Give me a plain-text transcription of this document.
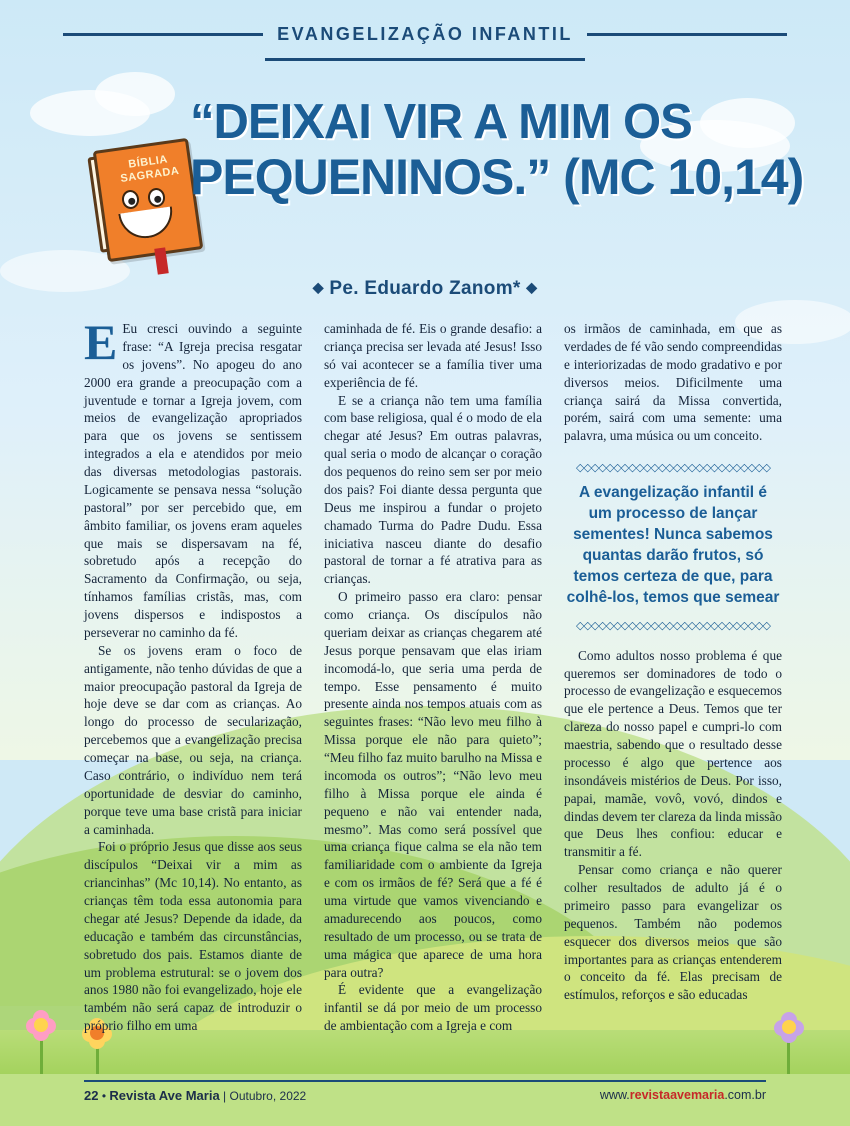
EVANGELIZAÇÃO INFANTIL
BÍBLIA SAGRADA
“DEIXAI VIR A MIM OS
PEQUENINOS.” (MC 10,14)
◆ Pe. Eduardo Zanom* ◆

E Eu cresci ouvindo a seguinte frase: “A Igreja precisa resgatar os jovens”. No apogeu do ano 2000 era grande a preocupação com a juventude e tornar a Igreja jovem, com meios de evangelização apropriados para que os jovens se sentissem integrados a ela e atendidos por meio das diversas metodologias pastorais. Logicamente se pensava nessa “solução pastoral” por ser percebido que, em âmbito familiar, os jovens eram aqueles que mais se dispersavam na fé, sobretudo após a recepção do Sacramento da Confirmação, ou seja, tínhamos famílias cristãs, mas, com jovens dispersos e indispostos a perseverar no caminho da fé.

Se os jovens eram o foco de antigamente, não tenho dúvidas de que a maior preocupação pastoral da Igreja de hoje deve se dar com as crianças. Ao longo do processo de secularização, percebemos que a evangelização precisa começar na base, ou seja, na criança. Caso contrário, o indivíduo nem terá oportunidade de desviar do caminho, porque teve uma base cristã para iniciar a caminhada.

Foi o próprio Jesus que disse aos seus discípulos “Deixai vir a mim as criancinhas” (Mc 10,14). No entanto, as crianças têm toda essa autonomia para chegar até Jesus? Depende da idade, da educação e também das circunstâncias, sobretudo dos pais. Estamos diante de um problema estrutural: se o jovem dos anos 1980 não foi evangelizado, hoje ele também não será capaz de introduzir o próprio filho em uma

caminhada de fé. Eis o grande desafio: a criança precisa ser levada até Jesus! Isso só vai acontecer se a família tiver uma experiência de fé.

E se a criança não tem uma família com base religiosa, qual é o modo de ela chegar até Jesus? Em outras palavras, qual seria o modo de alcançar o coração dos pequenos do reino sem ser por meio dos pais? Foi diante dessa pergunta que Deus me inspirou a fundar o projeto chamado Turma do Padre Dudu. Essa iniciativa nasceu diante do desafio pastoral de tornar a fé atrativa para as crianças.

O primeiro passo era claro: pensar como criança. Os discípulos não queriam deixar as crianças chegarem até Jesus porque pensavam que elas iriam incomodá-lo, que seria uma perda de tempo. Esse pensamento é muito presente ainda nos tempos atuais com as seguintes frases: “Não levo meu filho à Missa porque ele não para quieto”; “Meu filho faz muito barulho na Missa e incomoda os outros”; “Não levo meu filho à Missa porque ele ainda é pequeno e não vai entender nada, mesmo”. Mas como será possível que uma criança fique calma se ela não tem familiaridade com o ambiente da Igreja e com os irmãos de fé? Será que a fé é uma virtude que vamos vivenciando e amadurecendo aos poucos, como resultado de um processo, ou se trata de uma mágica que aparece de uma hora para outra?

É evidente que a evangelização infantil se dá por meio de um processo de ambientação com a Igreja e com

os irmãos de caminhada, em que as verdades de fé vão sendo compreendidas e interiorizadas de modo gradativo e por diversos meios. Dificilmente uma criança sairá da Missa convertida, porém, sairá com uma semente: uma palavra, uma música ou um conceito.

◇◇◇◇◇◇◇◇◇◇◇◇◇◇◇◇◇◇◇◇◇◇◇◇◇◇
A evangelização infantil é um processo de lançar sementes! Nunca sabemos quantas darão frutos, só temos certeza de que, para colhê-los, temos que semear
◇◇◇◇◇◇◇◇◇◇◇◇◇◇◇◇◇◇◇◇◇◇◇◇◇◇

Como adultos nosso problema é que queremos ser dominadores de todo o processo de evangelização e esquecemos que ele pertence a Deus. Temos que ter clareza do nosso papel e cumpri-lo com maestria, sabendo que o resultado desse processo é algo que pertence aos insondáveis mistérios de Deus. Por isso, papai, mamãe, vovô, vovó, dindos e dindas devem ter clareza da linda missão que Deus lhes confiou: educar e transmitir a fé.

Pensar como criança e não querer colher resultados de adulto já é o primeiro passo para evangelizar os pequenos. Também não podemos esquecer dos diversos meios que são importantes para as crianças entenderem o conceito da fé. Elas precisam de estímulos, reforços e são educadas

22 • Revista Ave Maria | Outubro, 2022	www.revistaavemaria.com.br
